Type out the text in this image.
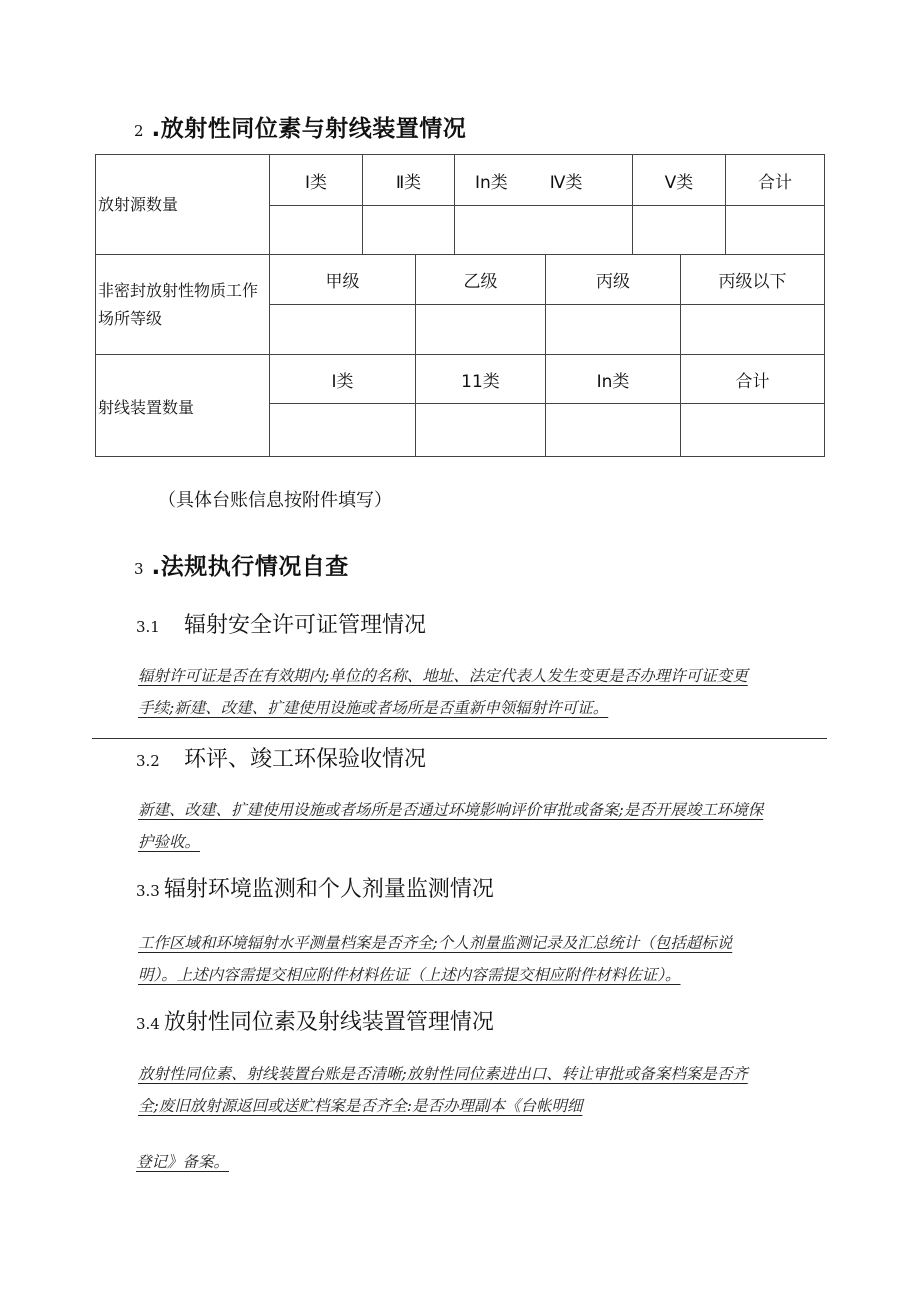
2 .放射性同位素与射线装置情况
放射源数量
Ⅰ类	Ⅱ类	In类 Ⅳ类	Ⅴ类	合计
非密封放射性物质工作场所等级
甲级	乙级	丙级	丙级以下
射线装置数量
Ⅰ类	11类	In类	合计
（具体台账信息按附件填写）
3 .法规执行情况自查
3.1 辐射安全许可证管理情况
辐射许可证是否在有效期内;单位的名称、地址、法定代表人发生变更是否办理许可证变更
手续;新建、改建、扩建使用设施或者场所是否重新申领辐射许可证。
3.2 环评、竣工环保验收情况
新建、改建、扩建使用设施或者场所是否通过环境影响评价审批或备案;是否开展竣工环境保
护验收。
3.3 辐射环境监测和个人剂量监测情况
工作区域和环境辐射水平测量档案是否齐全;个人剂量监测记录及汇总统计（包括超标说
明）。上述内容需提交相应附件材料佐证（上述内容需提交相应附件材料佐证）。
3.4 放射性同位素及射线装置管理情况
放射性同位素、射线装置台账是否清晰;放射性同位素进出口、转让审批或备案档案是否齐
全;废旧放射源返回或送贮档案是否齐全:是否办理副本《台帐明细
登记》备案。
